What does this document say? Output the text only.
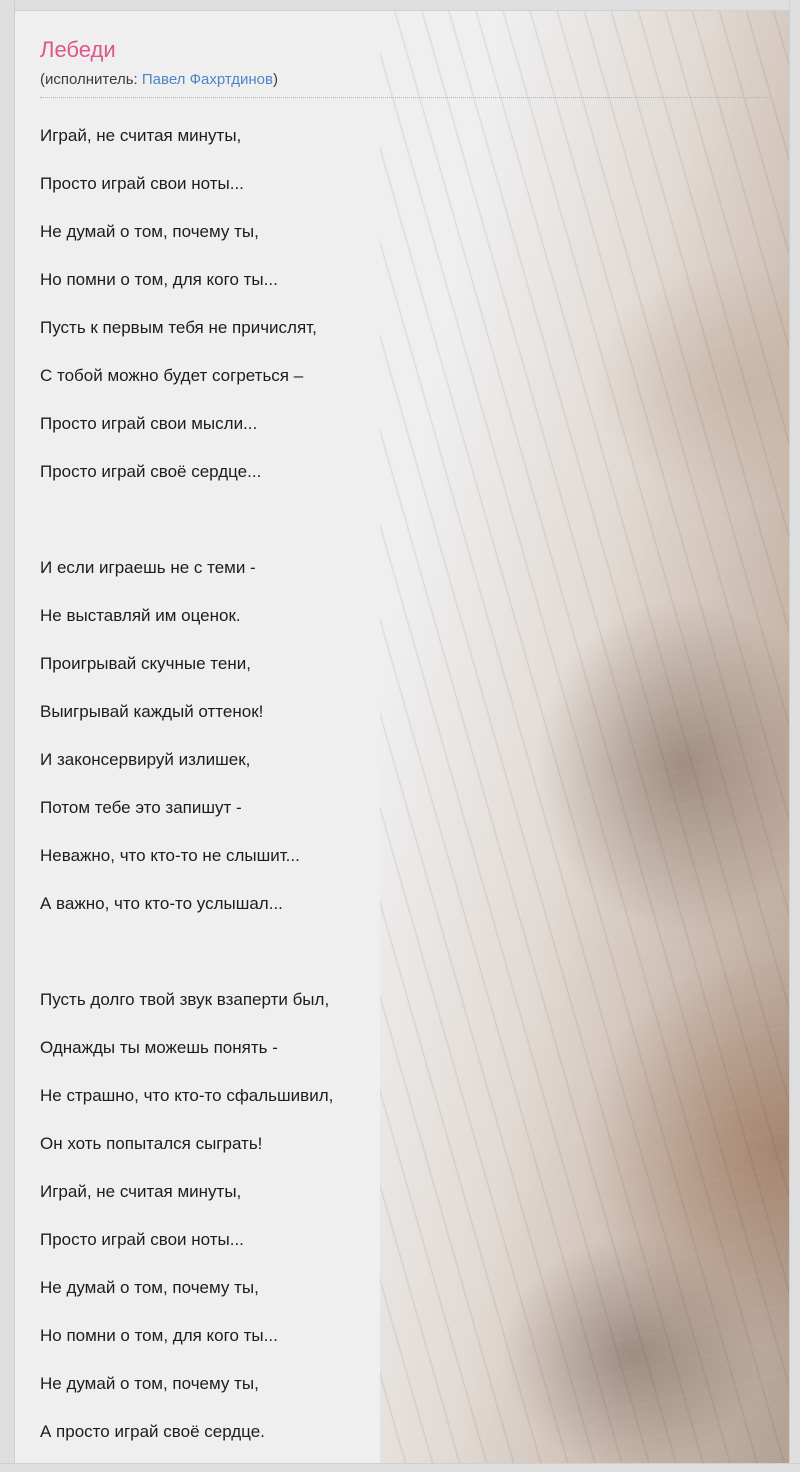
Лебеди
(исполнитель: Павел Фахртдинов)
Играй, не считая минуты,
Просто играй свои ноты...
Не думай о том, почему ты,
Но помни о том, для кого ты...
Пусть к первым тебя не причислят,
С тобой можно будет согреться –
Просто играй свои мысли...
Просто играй своё сердце...

И если играешь не с теми -
Не выставляй им оценок.
Проигрывай скучные тени,
Выигрывай каждый оттенок!
И законсервируй излишек,
Потом тебе это запишут -
Неважно, что кто-то не слышит...
А важно, что кто-то услышал...

Пусть долго твой звук взаперти был,
Однажды ты можешь понять -
Не страшно, что кто-то сфальшивил,
Он хоть попытался сыграть!
Играй, не считая минуты,
Просто играй свои ноты...
Не думай о том, почему ты,
Но помни о том, для кого ты...
Не думай о том, почему ты,
А просто играй своё сердце.
